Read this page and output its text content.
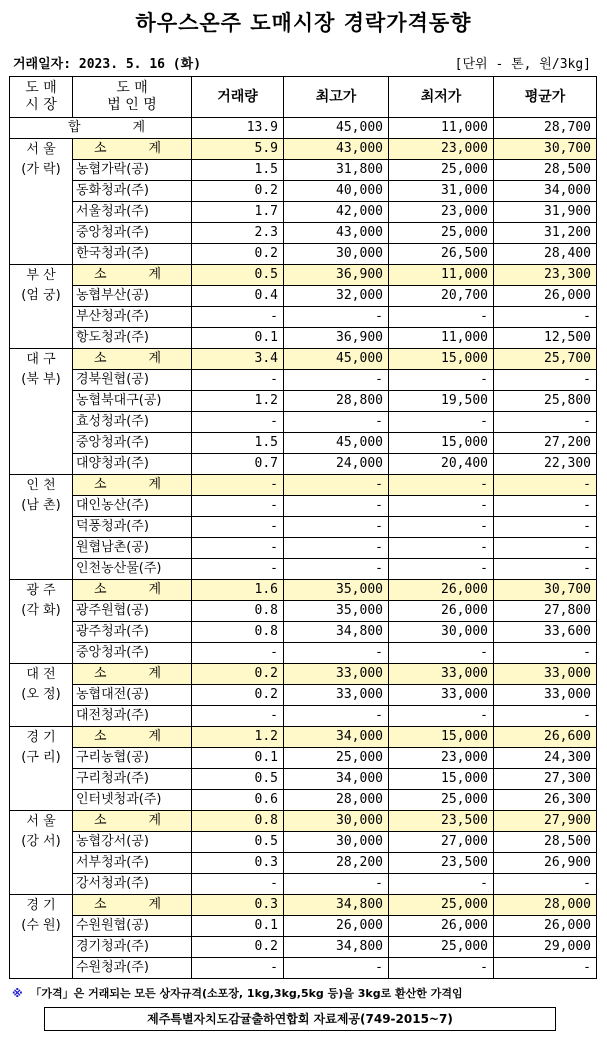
하우스온주 도매시장 경락가격동향
거래일자: 2023. 5. 16 (화)	[단위 - 톤, 원/3kg]
도 매
시 장	도 매
법 인 명	거래량	최고가	최저가	평균가

합 계		13.9	45,000	11,000	28,700
서 울
(가 락)	소 계	5.9	43,000	23,000	30,700
	농협가락(공)	1.5	31,800	25,000	28,500
	동화청과(주)	0.2	40,000	31,000	34,000
	서울청과(주)	1.7	42,000	23,000	31,900
	중앙청과(주)	2.3	43,000	25,000	31,200
	한국청과(주)	0.2	30,000	26,500	28,400
부 산
(엄 궁)	소 계	0.5	36,900	11,000	23,300
	농협부산(공)	0.4	32,000	20,700	26,000
	부산청과(주)	-	-	-	-
	항도청과(주)	0.1	36,900	11,000	12,500
대 구
(북 부)	소 계	3.4	45,000	15,000	25,700
	경북원협(공)	-	-	-	-
	농협북대구(공)	1.2	28,800	19,500	25,800
	효성청과(주)	-	-	-	-
	중앙청과(주)	1.5	45,000	15,000	27,200
	대양청과(주)	0.7	24,000	20,400	22,300
인 천
(남 촌)	소 계	-	-	-	-
	대인농산(주)	-	-	-	-
	덕풍청과(주)	-	-	-	-
	원협남촌(공)	-	-	-	-
	인천농산물(주)	-	-	-	-
광 주
(각 화)	소 계	1.6	35,000	26,000	30,700
	광주원협(공)	0.8	35,000	26,000	27,800
	광주청과(주)	0.8	34,800	30,000	33,600
	중앙청과(주)	-	-	-	-
대 전
(오 정)	소 계	0.2	33,000	33,000	33,000
	농협대전(공)	0.2	33,000	33,000	33,000
	대전청과(주)	-	-	-	-
경 기
(구 리)	소 계	1.2	34,000	15,000	26,600
	구리농협(공)	0.1	25,000	23,000	24,300
	구리청과(주)	0.5	34,000	15,000	27,300
	인터넷청과(주)	0.6	28,000	25,000	26,300
서 울
(강 서)	소 계	0.8	30,000	23,500	27,900
	농협강서(공)	0.5	30,000	27,000	28,500
	서부청과(주)	0.3	28,200	23,500	26,900
	강서청과(주)	-	-	-	-
경 기
(수 원)	소 계	0.3	34,800	25,000	28,000
	수원원협(공)	0.1	26,000	26,000	26,000
	경기청과(주)	0.2	34,800	25,000	29,000
	수원청과(주)	-	-	-	-
※ 「가격」은 거래되는 모든 상자규격(소포장, 1kg,3kg,5kg 등)을 3kg로 환산한 가격임
제주특별자치도감귤출하연합회 자료제공(749-2015~7)
